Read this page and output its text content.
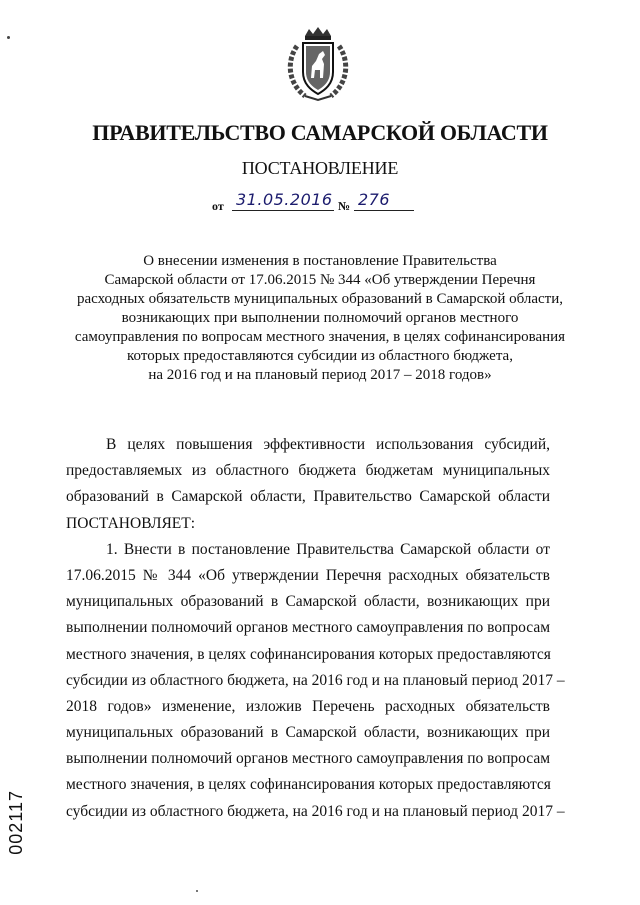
ПРАВИТЕЛЬСТВО САМАРСКОЙ ОБЛАСТИ
ПОСТАНОВЛЕНИЕ
от 31.05.2016 № 276
О внесении изменения в постановление Правительства
Самарской области от 17.06.2015 № 344 «Об утверждении Перечня
расходных обязательств муниципальных образований в Самарской области,
возникающих при выполнении полномочий органов местного
самоуправления по вопросам местного значения, в целях софинансирования
которых предоставляются субсидии из областного бюджета,
на 2016 год и на плановый период 2017 – 2018 годов»
В целях повышения эффективности использования субсидий,
предоставляемых из областного бюджета бюджетам муниципальных
образований в Самарской области, Правительство Самарской области
ПОСТАНОВЛЯЕТ:
1. Внести в постановление Правительства Самарской области от
17.06.2015 № 344 «Об утверждении Перечня расходных обязательств
муниципальных образований в Самарской области, возникающих при
выполнении полномочий органов местного самоуправления по вопросам
местного значения, в целях софинансирования которых предоставляются
субсидии из областного бюджета, на 2016 год и на плановый период 2017 –
2018 годов» изменение, изложив Перечень расходных обязательств
муниципальных образований в Самарской области, возникающих при
выполнении полномочий органов местного самоуправления по вопросам
местного значения, в целях софинансирования которых предоставляются
субсидии из областного бюджета, на 2016 год и на плановый период 2017 –
002117
